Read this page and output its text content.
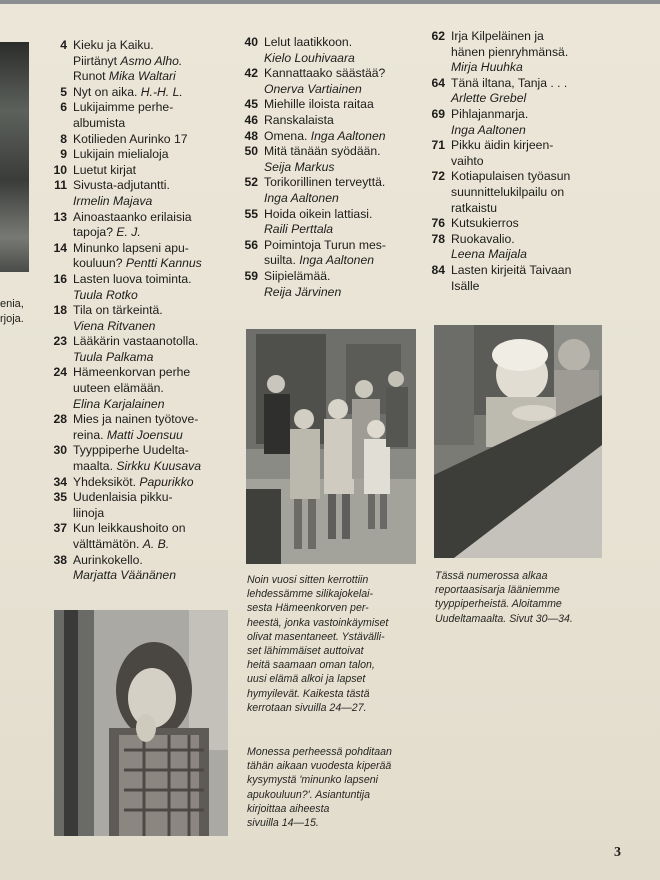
enia,
rjoja.
4 Kieku ja Kaiku.
Piirtänyt Asmo Alho.
Runot Mika Waltari
5 Nyt on aika. H.-H. L.
6 Lukijaimme perhe-
albumista
8 Kotilieden Aurinko 17
9 Lukijain mielialoja
10 Luetut kirjat
11 Sivusta-adjutantti.
Irmelin Majava
13 Ainoastaanko erilaisia
tapoja? E. J.
14 Minunko lapseni apu-
kouluun? Pentti Kannus
16 Lasten luova toiminta.
Tuula Rotko
18 Tila on tärkeintä.
Viena Ritvanen
23 Lääkärin vastaanotolla.
Tuula Palkama
24 Hämeenkorvan perhe
uuteen elämään.
Elina Karjalainen
28 Mies ja nainen työtove-
reina. Matti Joensuu
30 Tyyppiperhe Uudelta-
maalta. Sirkku Kuusava
34 Yhdeksiköt. Papurikko
35 Uudenlaisia pikku-
liinoja
37 Kun leikkaushoito on
välttämätön. A. B.
38 Aurinkokello.
Marjatta Väänänen
40 Lelut laatikkoon.
Kielo Louhivaara
42 Kannattaako säästää?
Onerva Vartiainen
45 Miehille iloista raitaa
46 Ranskalaista
48 Omena. Inga Aaltonen
50 Mitä tänään syödään.
Seija Markus
52 Torikorillinen terveyttä.
Inga Aaltonen
55 Hoida oikein lattiasi.
Raili Perttala
56 Poimintoja Turun mes-
suilta. Inga Aaltonen
59 Siipielämää.
Reija Järvinen
62 Irja Kilpeläinen ja
hänen pienryhmänsä.
Mirja Huuhka
64 Tänä iltana, Tanja . . .
Arlette Grebel
69 Pihlajanmarja.
Inga Aaltonen
71 Pikku äidin kirjeen-
vaihto
72 Kotiapulaisen työasun
suunnittelukilpailu on
ratkaistu
76 Kutsukierros
78 Ruokavalio.
Leena Maijala
84 Lasten kirjeitä Taivaan
Isälle
Noin vuosi sitten kerrottiin
lehdessämme silikajokelai-
sesta Hämeenkorven per-
heestä, jonka vastoinkäymiset
olivat masentaneet. Ystävälli-
set lähimmäiset auttoivat
heitä saamaan oman talon,
uusi elämä alkoi ja lapset
hymyilevät. Kaikesta tästä
kerrotaan sivuilla 24—27.
Monessa perheessä pohditaan
tähän aikaan vuodesta kiperää
kysymystä 'minunko lapseni
apukouluun?'. Asiantuntija
kirjoittaa aiheesta
sivuilla 14—15.
Tässä numerossa alkaa
reportaasisarja lääniemme
tyyppiperheistä. Aloitamme
Uudeltamaalta. Sivut 30—34.
3
